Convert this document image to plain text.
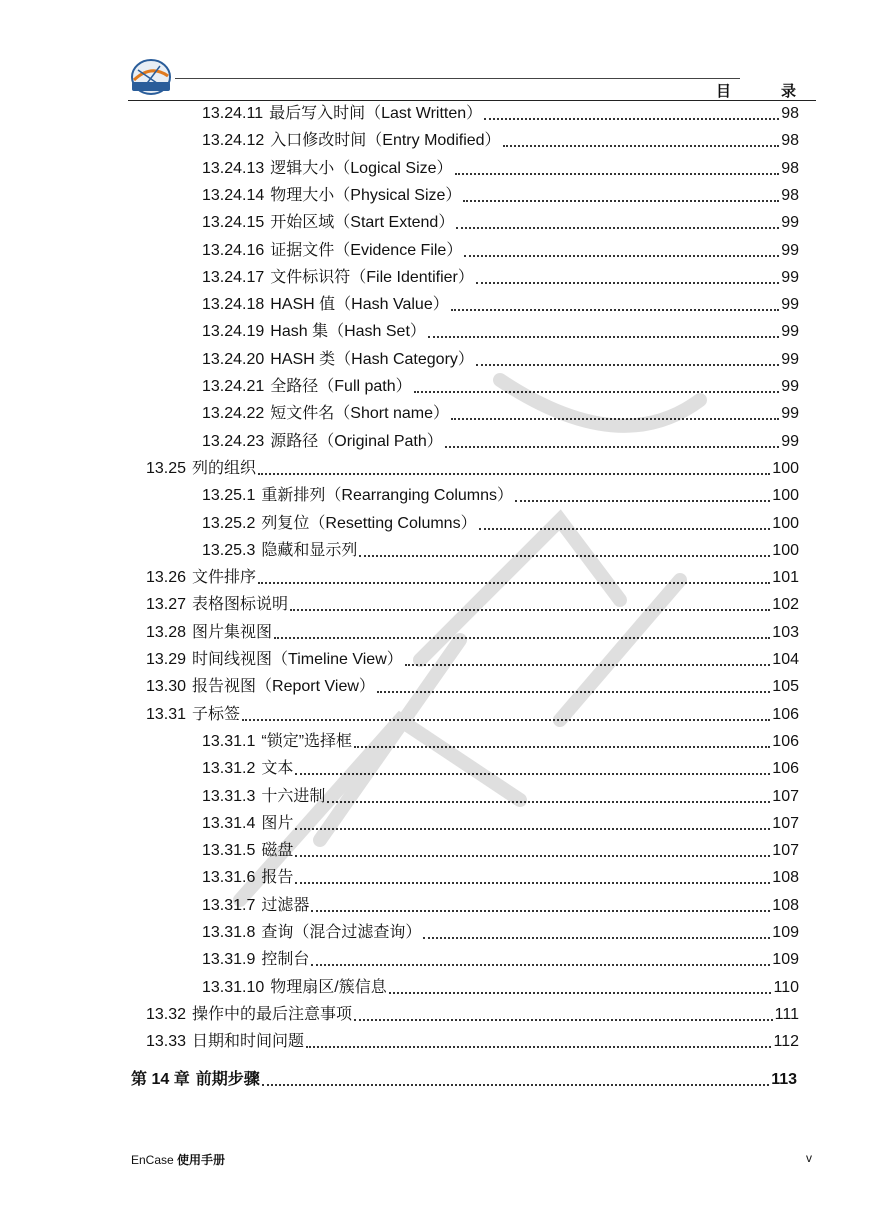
目	录
13.24.11 最后写入时间（Last Written）	98
13.24.12 入口修改时间（Entry Modified）	98
13.24.13 逻辑大小（Logical Size）	98
13.24.14 物理大小（Physical Size）	98
13.24.15 开始区域（Start Extend）	99
13.24.16 证据文件（Evidence File）	99
13.24.17 文件标识符（File Identifier）	99
13.24.18 HASH 值（Hash Value）	99
13.24.19 Hash 集（Hash Set）	99
13.24.20 HASH 类（Hash Category）	99
13.24.21 全路径（Full path）	99
13.24.22 短文件名（Short name）	99
13.24.23 源路径（Original Path）	99
13.25 列的组织	100
13.25.1 重新排列（Rearranging Columns）	100
13.25.2 列复位（Resetting Columns）	100
13.25.3 隐藏和显示列	100
13.26 文件排序	101
13.27 表格图标说明	102
13.28 图片集视图	103
13.29 时间线视图（Timeline View）	104
13.30 报告视图（Report View）	105
13.31 子标签	106
13.31.1 “锁定”选择框	106
13.31.2 文本	106
13.31.3 十六进制	107
13.31.4 图片	107
13.31.5 磁盘	107
13.31.6 报告	108
13.31.7 过滤器	108
13.31.8 查询（混合过滤查询）	109
13.31.9 控制台	109
13.31.10 物理扇区/簇信息	110
13.32 操作中的最后注意事项	111
13.33 日期和时间问题	112
第 14 章 前期步骤	113
EnCase 使用手册	v
